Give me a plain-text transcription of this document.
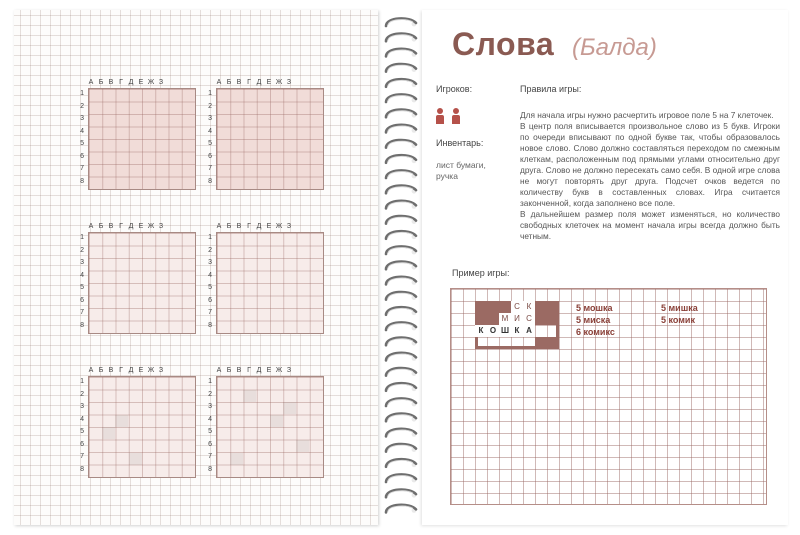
А Б В Г Д Е Ж З
1
2
3
4
5
6
7
8
А Б В Г Д Е Ж З
1
2
3
4
5
6
7
8
А Б В Г Д Е Ж З
1
2
3
4
5
6
7
8
А Б В Г Д Е Ж З
1
2
3
4
5
6
7
8
А Б В Г Д Е Ж З
1
2
3
4
5
6
7
8
А Б В Г Д Е Ж З
1
2
3
4
5
6
7
8
Слова (Балда)
Игроков:
Инвентарь:
лист бумаги, ручка
Правила игры:

Для начала игры нужно расчертить игровое поле 5 на 7 клеточек.

В центр поля вписывается произвольное слово из 5 букв. Игроки по очереди вписывают по одной букве так, чтобы образовалось новое слово. Слово должно составляться переходом по смежным клеткам, расположенным под прямыми углами относительно друг друга. Слово не должно пересекать само себя. В одной игре слова не могут повторять друг друга. Подсчет очков ведется по количеству букв в составленных словах. Игра считается законченной, когда заполнено все поле.

В дальнейшем размер поля может изменяться, но количество свободных клеточек на момент начала игры всегда должно быть четным.

Пример игры:
С К
М И С
К О Ш К А
5 мошка
5 миска
6 комикс
5 мишка
5 комик
